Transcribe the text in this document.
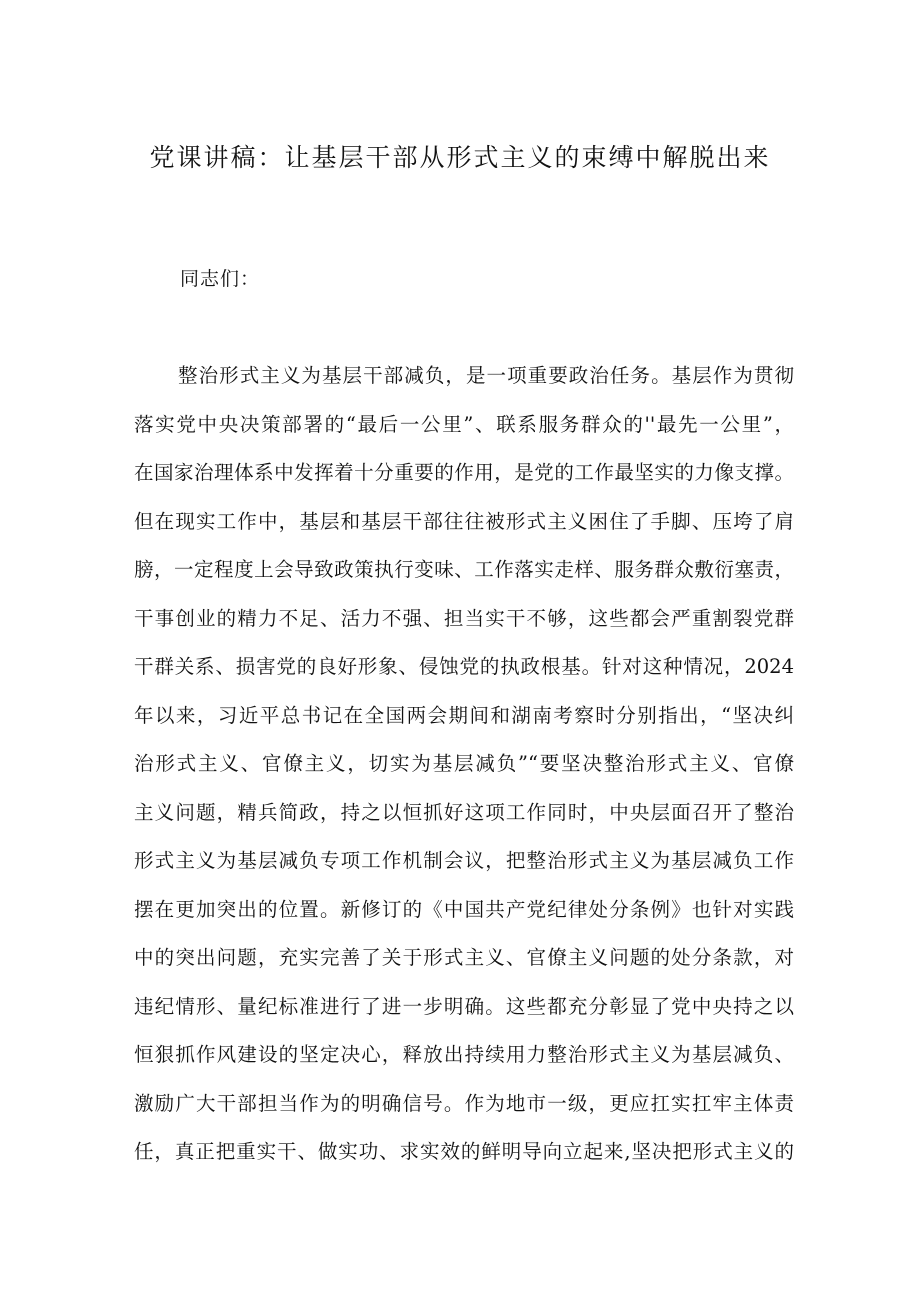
党课讲稿：让基层干部从形式主义的束缚中解脱出来

同志们：

整治形式主义为基层干部减负，是一项重要政治任务。基层作为贯彻
落实党中央决策部署的“最后一公里”、联系服务群众的''最先一公里”，
在国家治理体系中发挥着十分重要的作用，是党的工作最坚实的力像支撑。
但在现实工作中，基层和基层干部往往被形式主义困住了手脚、压垮了肩
膀，一定程度上会导致政策执行变味、工作落实走样、服务群众敷衍塞责，
干事创业的精力不足、活力不强、担当实干不够，这些都会严重割裂党群
干群关系、损害党的良好形象、侵蚀党的执政根基。针对这种情况，2024
年以来，习近平总书记在全国两会期间和湖南考察时分别指出，“坚决纠
治形式主义、官僚主义，切实为基层减负”“要坚决整治形式主义、官僚
主义问题，精兵简政，持之以恒抓好这项工作同时，中央层面召开了整治
形式主义为基层减负专项工作机制会议，把整治形式主义为基层减负工作
摆在更加突出的位置。新修订的《中国共产党纪律处分条例》也针对实践
中的突出问题，充实完善了关于形式主义、官僚主义问题的处分条款，对
违纪情形、量纪标准进行了进一步明确。这些都充分彰显了党中央持之以
恒狠抓作风建设的坚定决心，释放出持续用力整治形式主义为基层减负、
激励广大干部担当作为的明确信号。作为地市一级，更应扛实扛牢主体责
任，真正把重实干、做实功、求实效的鲜明导向立起来,坚决把形式主义的
